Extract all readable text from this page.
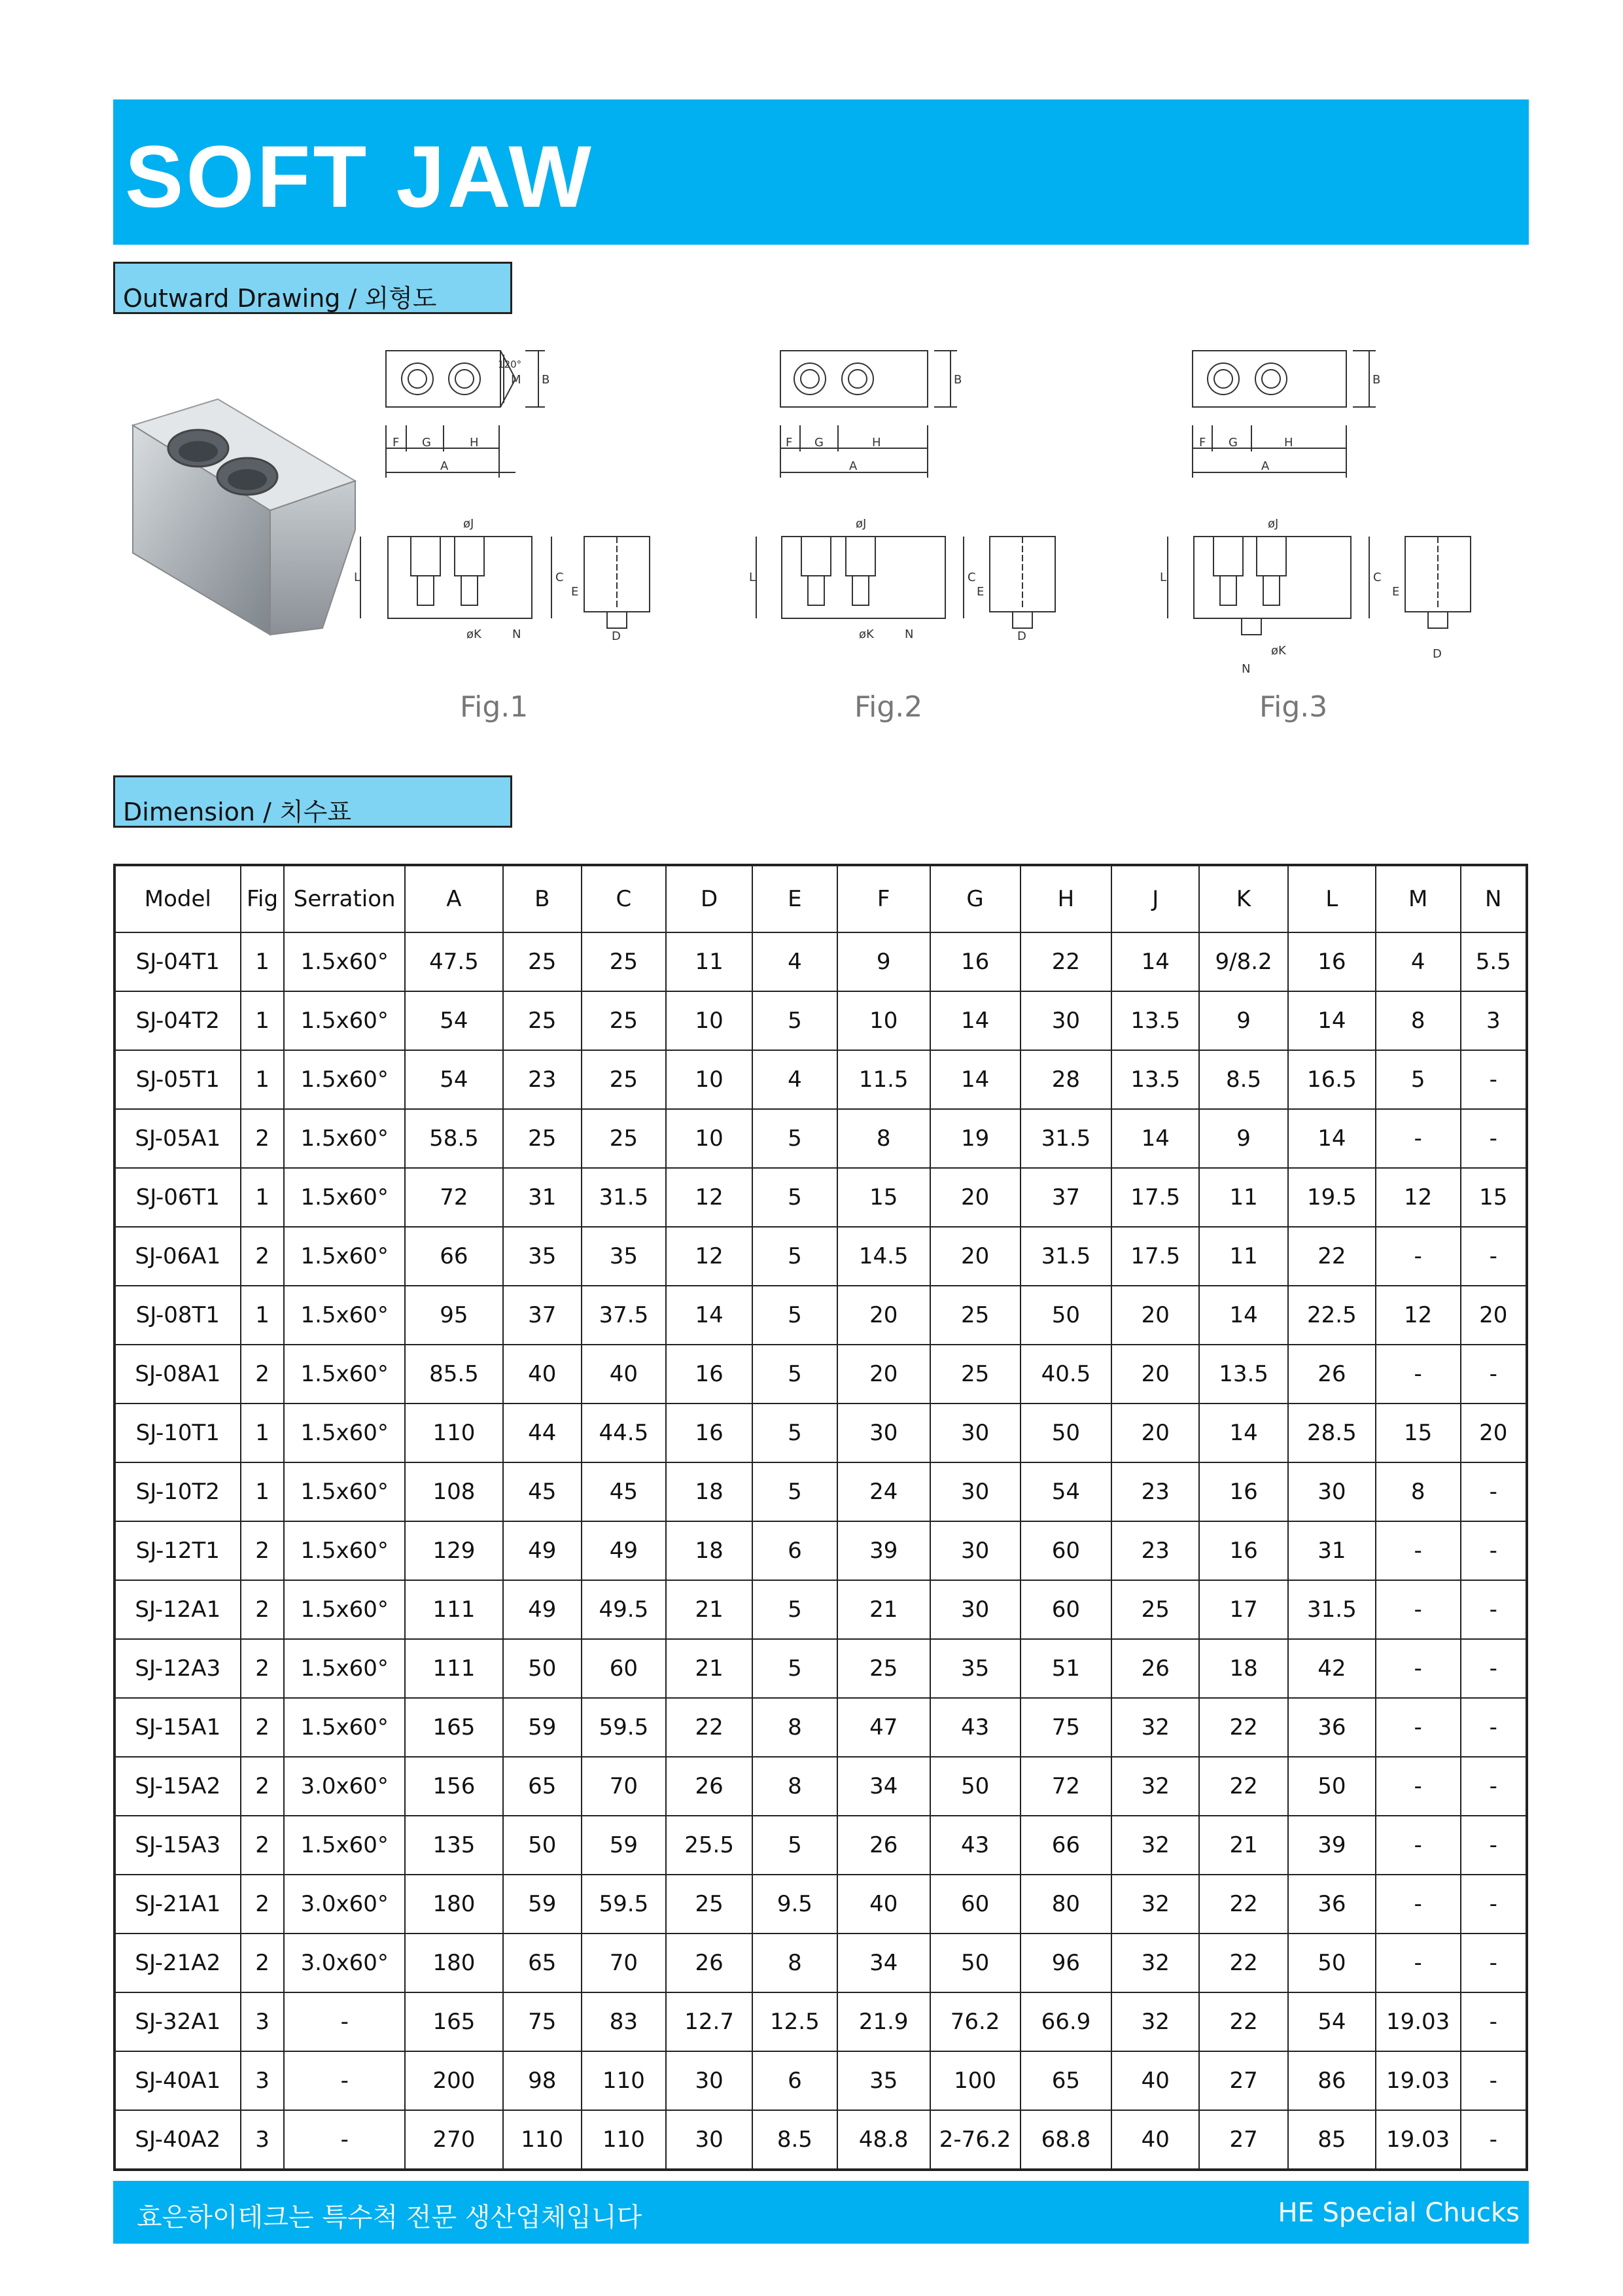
SOFT JAW
Outward Drawing / 외형도
F G	H
A
B
M
120°
øJ
L	C
øK	N
E
D
F G	H
A
B
øJ
L	C
øK	N
E
D
F G	H
A
B
øJ
L	C
øK
N
E
D
Fig.1	Fig.2	Fig.3
Dimension / 치수표
Model	Fig	Serration	A	B	C	D	E	F	G	H	J	K	L	M	N
SJ-04T1	1	1.5x60°	47.5	25	25	11	4	9	16	22	14	9/8.2	16	4	5.5
SJ-04T2	1	1.5x60°	54	25	25	10	5	10	14	30	13.5	9	14	8	3
SJ-05T1	1	1.5x60°	54	23	25	10	4	11.5	14	28	13.5	8.5	16.5	5	-
SJ-05A1	2	1.5x60°	58.5	25	25	10	5	8	19	31.5	14	9	14	-	-
SJ-06T1	1	1.5x60°	72	31	31.5	12	5	15	20	37	17.5	11	19.5	12	15
SJ-06A1	2	1.5x60°	66	35	35	12	5	14.5	20	31.5	17.5	11	22	-	-
SJ-08T1	1	1.5x60°	95	37	37.5	14	5	20	25	50	20	14	22.5	12	20
SJ-08A1	2	1.5x60°	85.5	40	40	16	5	20	25	40.5	20	13.5	26	-	-
SJ-10T1	1	1.5x60°	110	44	44.5	16	5	30	30	50	20	14	28.5	15	20
SJ-10T2	1	1.5x60°	108	45	45	18	5	24	30	54	23	16	30	8	-
SJ-12T1	2	1.5x60°	129	49	49	18	6	39	30	60	23	16	31	-	-
SJ-12A1	2	1.5x60°	111	49	49.5	21	5	21	30	60	25	17	31.5	-	-
SJ-12A3	2	1.5x60°	111	50	60	21	5	25	35	51	26	18	42	-	-
SJ-15A1	2	1.5x60°	165	59	59.5	22	8	47	43	75	32	22	36	-	-
SJ-15A2	2	3.0x60°	156	65	70	26	8	34	50	72	32	22	50	-	-
SJ-15A3	2	1.5x60°	135	50	59	25.5	5	26	43	66	32	21	39	-	-
SJ-21A1	2	3.0x60°	180	59	59.5	25	9.5	40	60	80	32	22	36	-	-
SJ-21A2	2	3.0x60°	180	65	70	26	8	34	50	96	32	22	50	-	-
SJ-32A1	3	-	165	75	83	12.7	12.5	21.9	76.2	66.9	32	22	54	19.03	-
SJ-40A1	3	-	200	98	110	30	6	35	100	65	40	27	86	19.03	-
SJ-40A2	3	-	270	110	110	30	8.5	48.8	2-76.2	68.8	40	27	85	19.03	-
효은하이테크는 특수척 전문 생산업체입니다	HE Special Chucks
